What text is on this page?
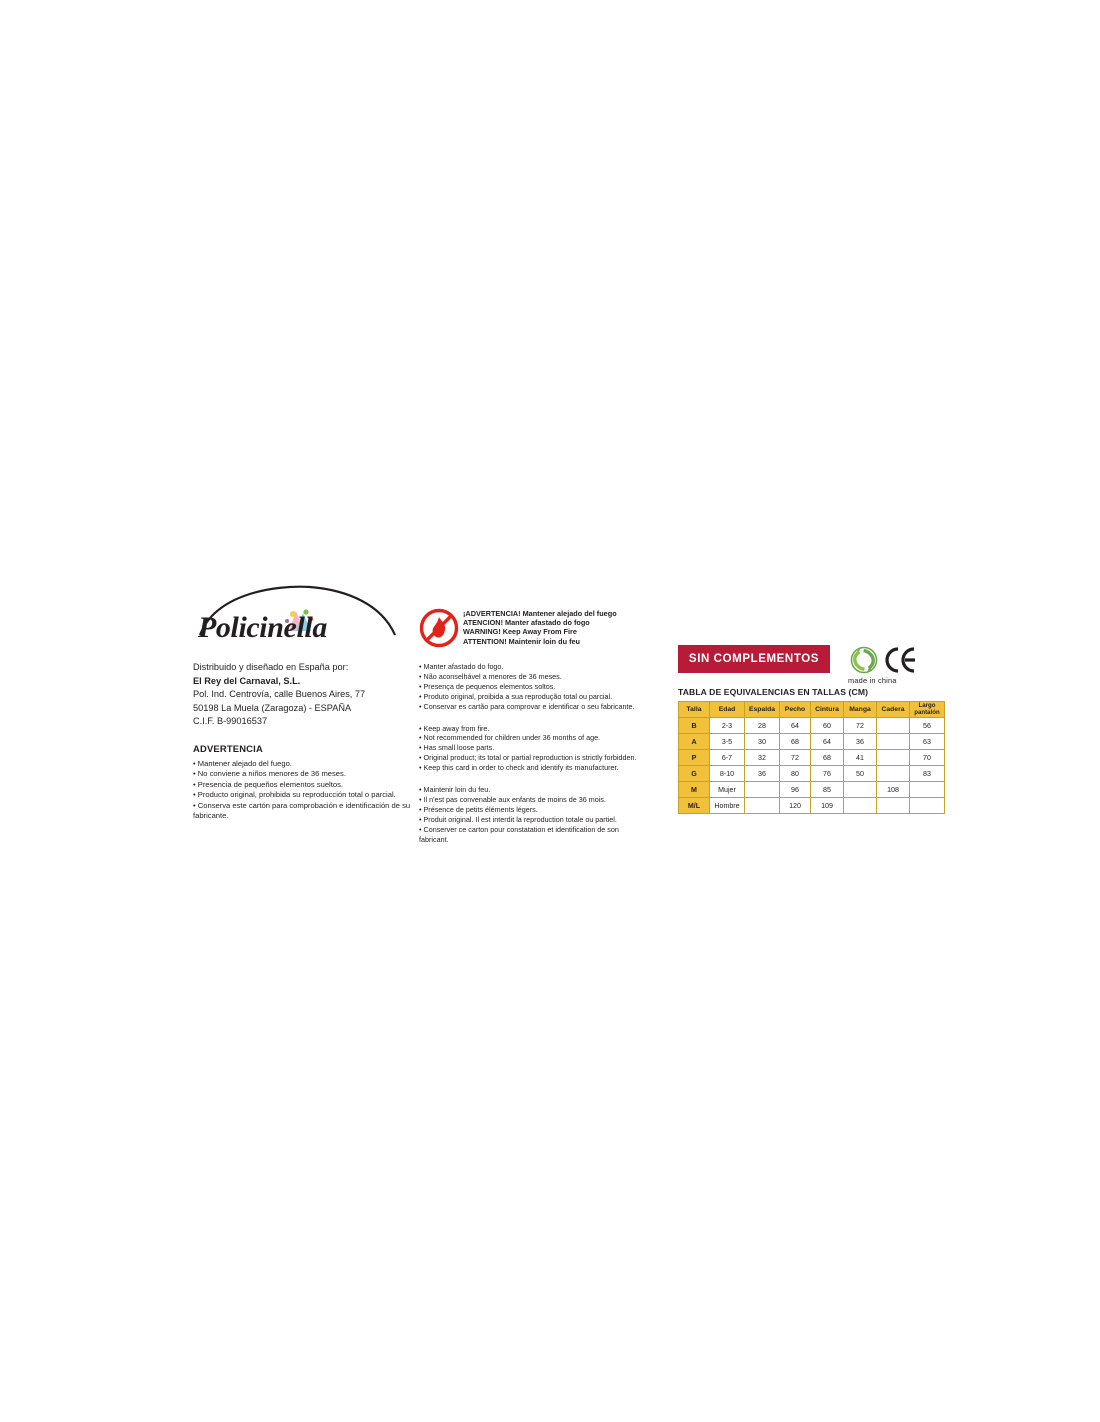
Policinella
Distribuido y diseñado en España por:
El Rey del Carnaval, S.L.
Pol. Ind. Centrovía, calle Buenos Aires, 77
50198 La Muela (Zaragoza) - ESPAÑA
C.I.F. B-99016537
ADVERTENCIA
• Mantener alejado del fuego.
• No conviene a niños menores de 36 meses.
• Presencia de pequeños elementos sueltos.
• Producto original, prohibida su reproducción total o parcial.
• Conserva este cartón para comprobación e identificación de su fabricante.
¡ADVERTENCIA! Mantener alejado del fuego
ATENCION! Manter afastado do fogo
WARNING! Keep Away From Fire
ATTENTION! Maintenir loin du feu
• Manter afastado do fogo.
• Não aconselhável a menores de 36 meses.
• Presença de pequenos elementos soltos.
• Produto original, proibida a sua reprodução total ou parcial.
• Conservar es cartão para comprovar e identificar o seu fabricante.
• Keep away from fire.
• Not recommended for children under 36 months of age.
• Has small loose parts.
• Original product; its total or partial reproduction is strictly forbidden.
• Keep this card in order to check and identify its manufacturer.
• Maintenir loin du feu.
• Il n'est pas convenable aux enfants de moins de 36 mois.
• Présence de petits éléments légers.
• Produit original. Il est interdit la reproduction totale ou partiel.
• Conserver ce carton pour constatation et identification de son fabricant.
SIN COMPLEMENTOS
made in china
TABLA DE EQUIVALENCIAS EN TALLAS (CM)
Talla	Edad	Espalda	Pecho	Cintura	Manga	Cadera	Largo pantalón

B	2-3	28	64	60	72		56
A	3-5	30	68	64	36		63
P	6-7	32	72	68	41		70
G	8-10	36	80	76	50		83
M	Mujer		96	85		108	
M/L	Hombre		120	109			
